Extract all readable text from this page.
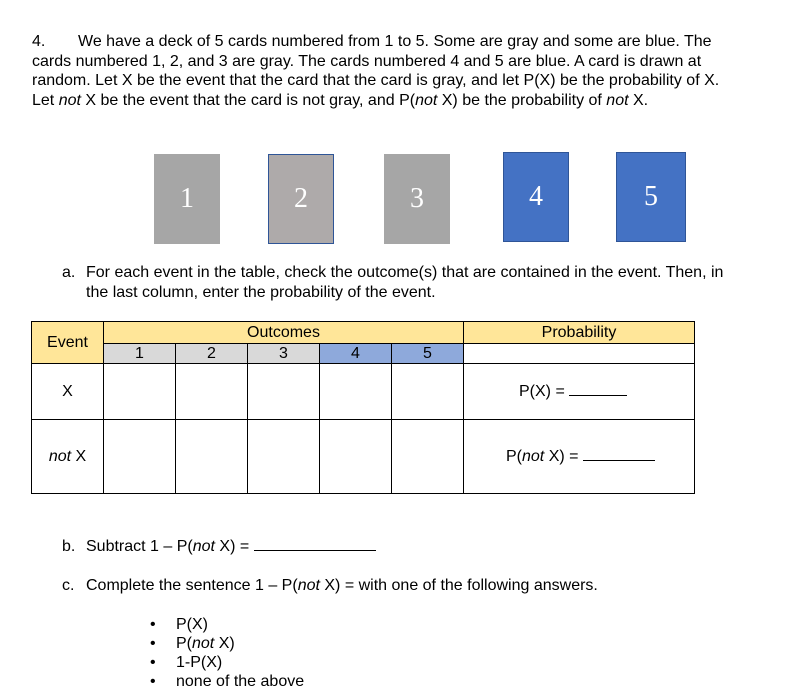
4. We have a deck of 5 cards numbered from 1 to 5. Some are gray and some are blue. The
cards numbered 1, 2, and 3 are gray. The cards numbered 4 and 5 are blue. A card is drawn at
random. Let X be the event that the card that the card is gray, and let P(X) be the probability of X.
Let not X be the event that the card is not gray, and P(not X) be the probability of not X.
1	2	3	4	5
a. For each event in the table, check the outcome(s) that are contained in the event. Then, in the last column, enter the probability of the event.
Event	Outcomes					Probability
	1	2	3	4	5	
X						P(X) =
not X						P(not X) =
b. Subtract 1 – P(not X) =
c. Complete the sentence 1 – P(not X) = with one of the following answers.
• P(X)
• P(not X)
• 1-P(X)
• none of the above
